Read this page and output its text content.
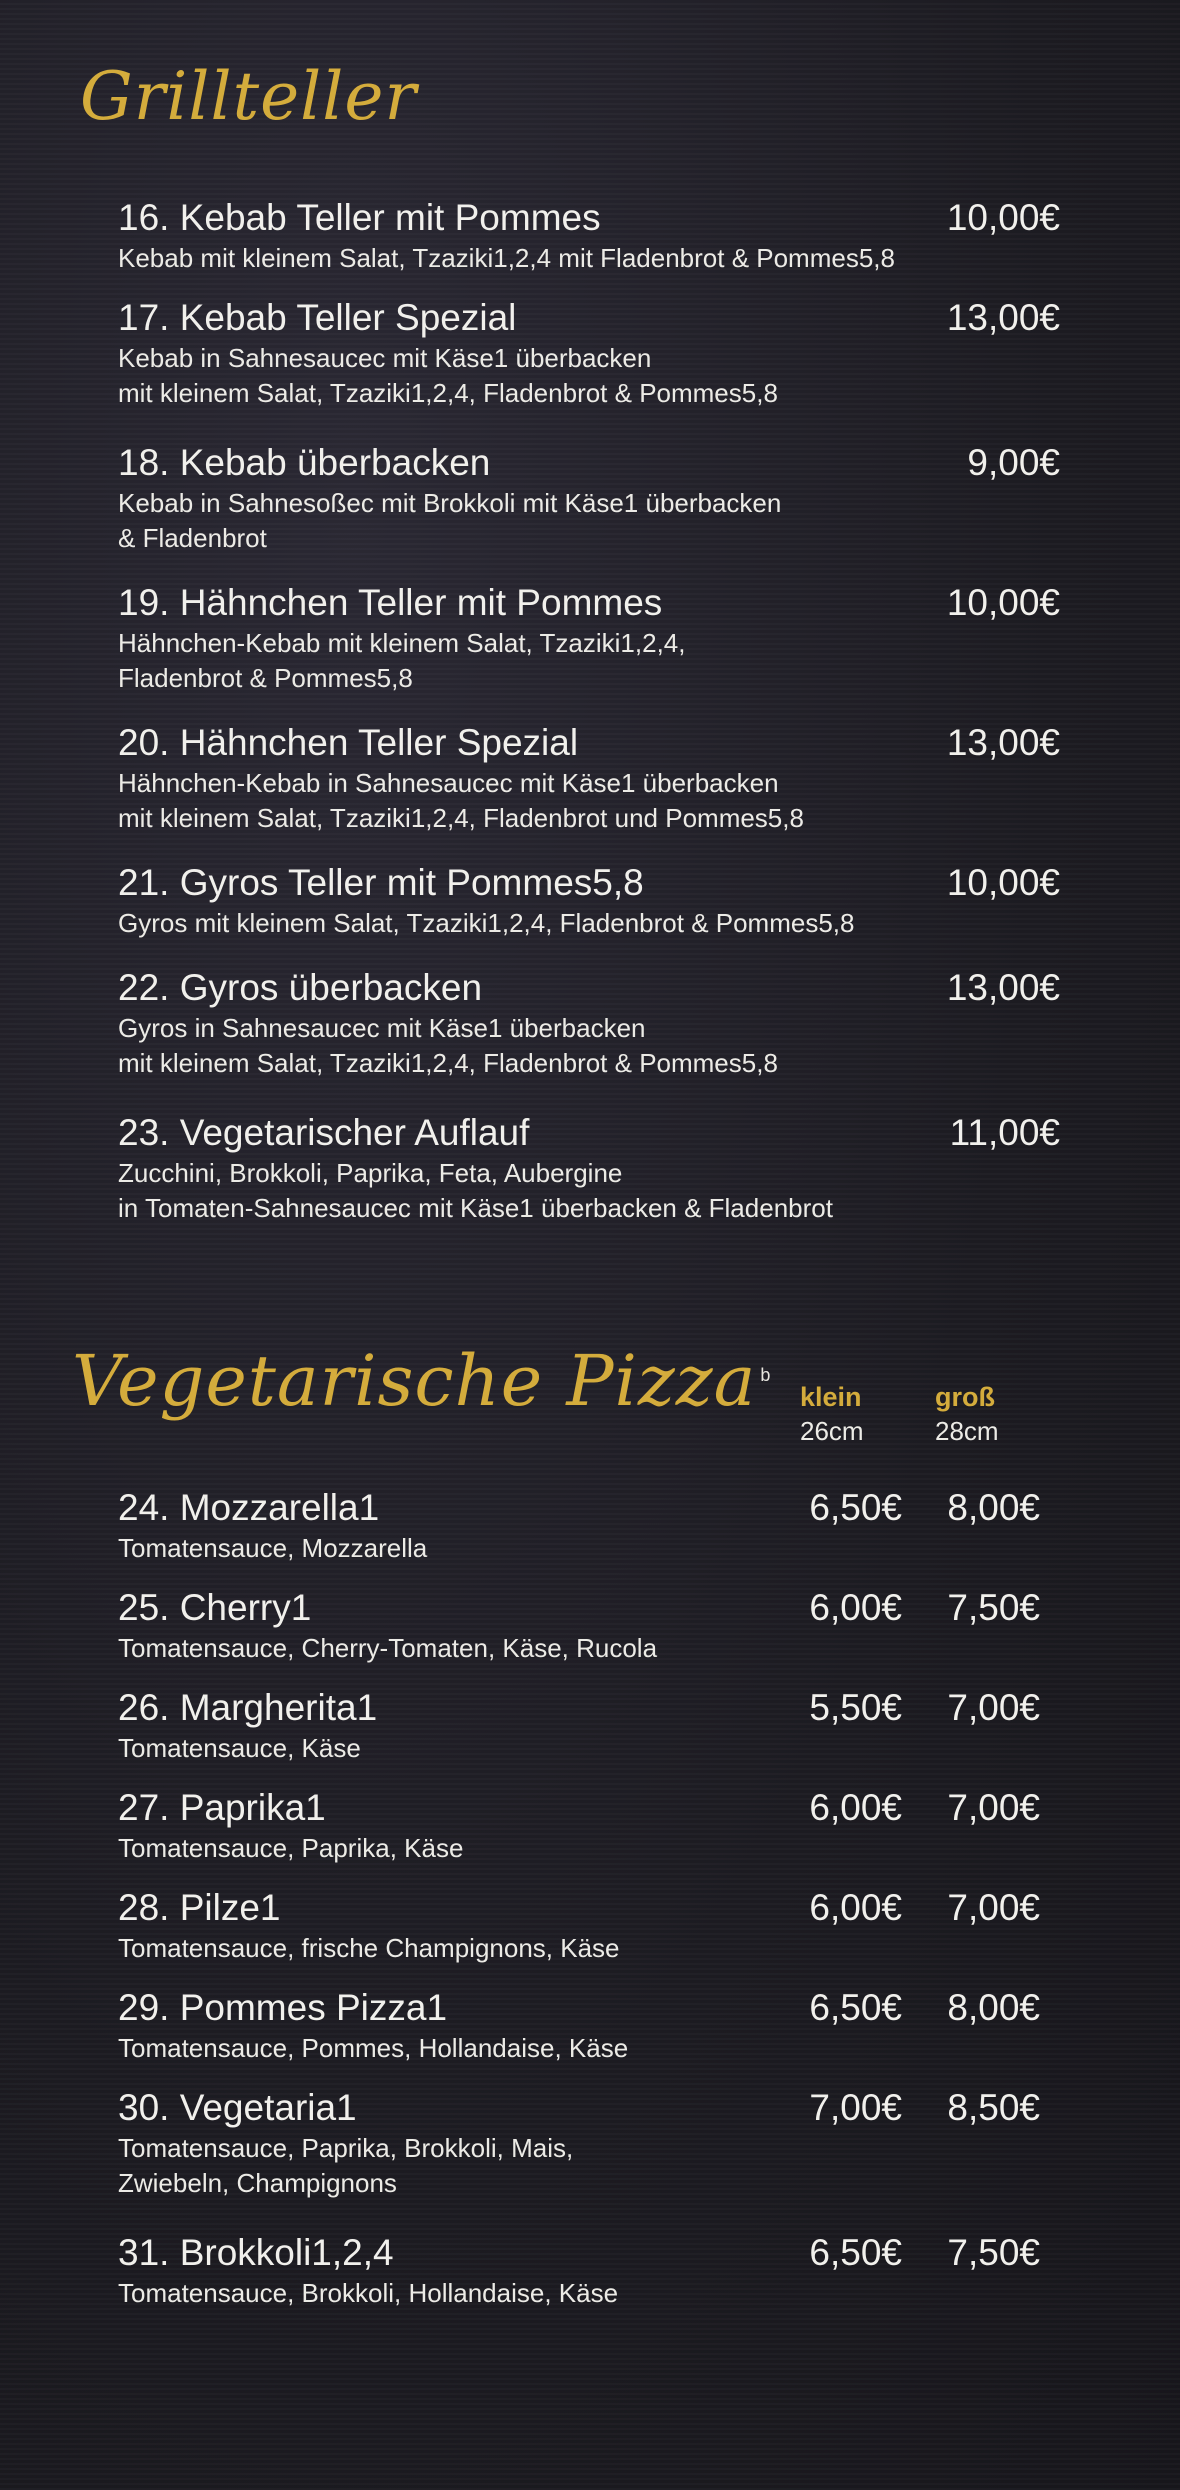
Grillteller
Vegetarische Pizza $^b$
klein
26cm
groß
28cm
16. Kebab Teller mit Pommes
Kebab mit kleinem Salat, Tzaziki1,2,4 mit Fladenbrot & Pommes5,8
10,00€
17. Kebab Teller Spezial
Kebab in Sahnesaucec mit Käse1 überbacken
mit kleinem Salat, Tzaziki1,2,4, Fladenbrot & Pommes5,8
13,00€
18. Kebab überbacken
Kebab in Sahnesoßec mit Brokkoli mit Käse1 überbacken
& Fladenbrot
9,00€
19. Hähnchen Teller mit Pommes
Hähnchen-Kebab mit kleinem Salat, Tzaziki1,2,4,
Fladenbrot & Pommes5,8
10,00€
20. Hähnchen Teller Spezial
Hähnchen-Kebab in Sahnesaucec mit Käse1 überbacken
mit kleinem Salat, Tzaziki1,2,4, Fladenbrot und Pommes5,8
13,00€
21. Gyros Teller mit Pommes5,8
Gyros mit kleinem Salat, Tzaziki1,2,4, Fladenbrot & Pommes5,8
10,00€
22. Gyros überbacken
Gyros in Sahnesaucec mit Käse1 überbacken
mit kleinem Salat, Tzaziki1,2,4, Fladenbrot & Pommes5,8
13,00€
23. Vegetarischer Auflauf
Zucchini, Brokkoli, Paprika, Feta, Aubergine
in Tomaten-Sahnesaucec mit Käse1 überbacken & Fladenbrot
11,00€
24. Mozzarella1
Tomatensauce, Mozzarella
6,50€ 8,00€
25. Cherry1
Tomatensauce, Cherry-Tomaten, Käse, Rucola
6,00€ 7,50€
26. Margherita1
Tomatensauce, Käse
5,50€ 7,00€
27. Paprika1
Tomatensauce, Paprika, Käse
6,00€ 7,00€
28. Pilze1
Tomatensauce, frische Champignons, Käse
6,00€ 7,00€
29. Pommes Pizza1
Tomatensauce, Pommes, Hollandaise, Käse
6,50€ 8,00€
30. Vegetaria1
Tomatensauce, Paprika, Brokkoli, Mais,
Zwiebeln, Champignons
7,00€ 8,50€
31. Brokkoli1,2,4
Tomatensauce, Brokkoli, Hollandaise, Käse
6,50€ 7,50€
